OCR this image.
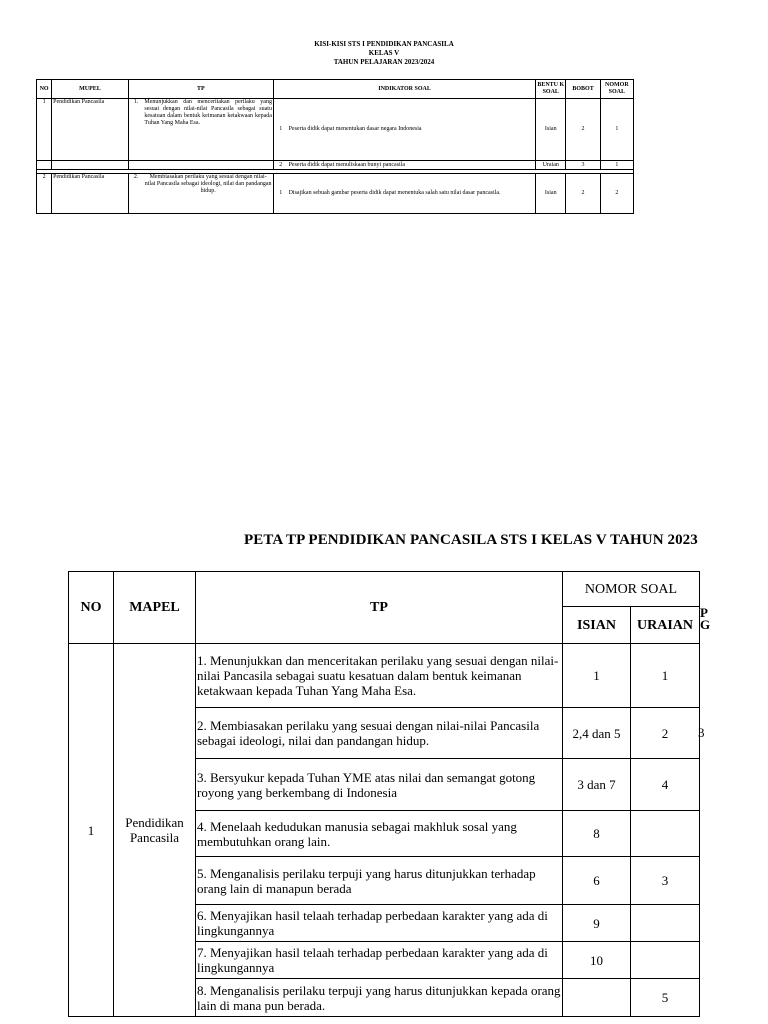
KISI-KISI STS I PENDIDIKAN PANCASILA
KELAS V
TAHUN PELAJARAN 2023/2024
NO	MUPEL	TP		INDIKATOR SOAL		BENTU K SOAL	BOBOT	NOMOR SOAL
1	Pendidikan Pancasila	1.	Menunjukkan dan menceritakan perilaku yang sesuai dengan nilai-nilai Pancasila sebagai suatu kesatuan dalam bentuk keimanan ketakwaan kepada Tuhan Yang Maha Esa.	1	Peserta didik dapat menentukan dasar negara Indonesia	Isian	2	1
				2	Peserta didik dapat menuliskaan bunyi pancasila	Uraian	3	1

2	Pendidikan Pancasila	2.	Membiasakan perilaku yang sesuai dengan nilai-nilai Pancasila sebagai ideologi, nilai dan pandangan hidup.	1	Disajikan sebuah gambar peserta didik dapat menentuka salah satu nilai dasar pancasila.	Isian	2	2
PETA TP PENDIDIKAN PANCASILA STS I KELAS V TAHUN 2023
NO	MAPEL	TP	NOMOR SOAL	
			ISIAN	URAIAN
1	Pendidikan Pancasila	1. Menunjukkan dan menceritakan perilaku yang sesuai dengan nilai-nilai Pancasila sebagai suatu kesatuan dalam bentuk keimanan ketakwaan kepada Tuhan Yang Maha Esa.	1	1
		2. Membiasakan perilaku yang sesuai dengan nilai-nilai Pancasila sebagai ideologi, nilai dan pandangan hidup.	2,4 dan 5	2
		3. Bersyukur kepada Tuhan YME atas nilai dan semangat gotong royong yang berkembang di Indonesia	3 dan 7	4
		4. Menelaah kedudukan manusia sebagai makhluk sosal yang membutuhkan orang lain.	8	
		5. Menganalisis perilaku terpuji yang harus ditunjukkan terhadap orang lain di manapun berada	6	3
		6. Menyajikan hasil telaah terhadap perbedaan karakter yang ada di lingkungannya	9	
		7. Menyajikan hasil telaah terhadap perbedaan karakter yang ada di lingkungannya	10	
		8. Menganalisis perilaku terpuji yang harus ditunjukkan kepada orang lain di mana pun berada.		5
P
G
3
